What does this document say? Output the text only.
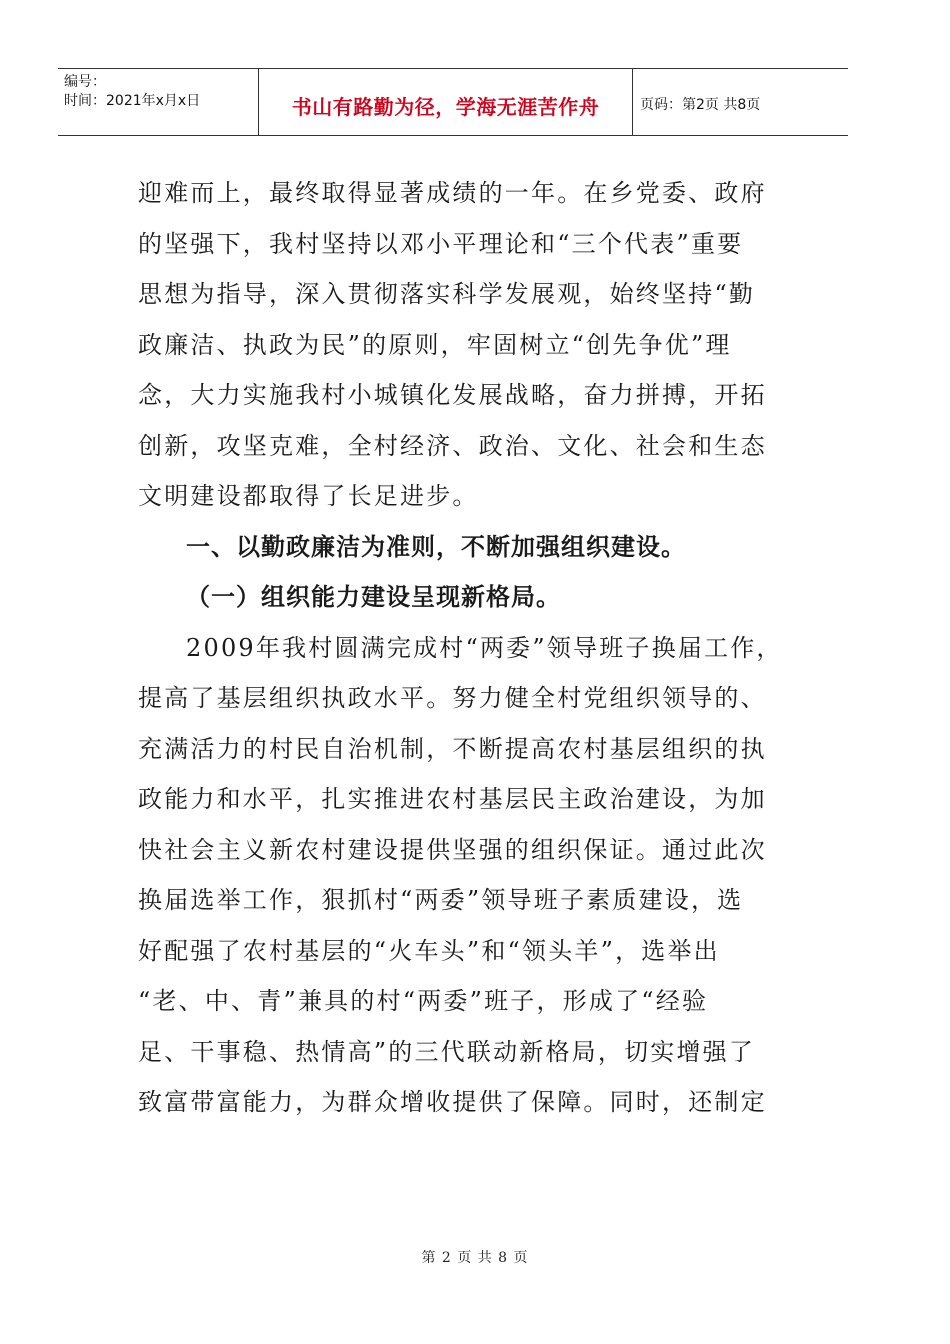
编号：
时间：2021年x月x日	书山有路勤为径，学海无涯苦作舟	页码：第2页 共8页
迎难而上，最终取得显著成绩的一年。在乡党委、政府
的坚强下，我村坚持以邓小平理论和“三个代表”重要
思想为指导，深入贯彻落实科学发展观，始终坚持“勤
政廉洁、执政为民”的原则，牢固树立“创先争优”理
念，大力实施我村小城镇化发展战略，奋力拼搏，开拓
创新，攻坚克难，全村经济、政治、文化、社会和生态
文明建设都取得了长足进步。
一、以勤政廉洁为准则，不断加强组织建设。
（一）组织能力建设呈现新格局。
2009年我村圆满完成村“两委”领导班子换届工作，
提高了基层组织执政水平。努力健全村党组织领导的、
充满活力的村民自治机制，不断提高农村基层组织的执
政能力和水平，扎实推进农村基层民主政治建设，为加
快社会主义新农村建设提供坚强的组织保证。通过此次
换届选举工作，狠抓村“两委”领导班子素质建设，选
好配强了农村基层的“火车头”和“领头羊”，选举出
“老、中、青”兼具的村“两委”班子，形成了“经验
足、干事稳、热情高”的三代联动新格局，切实增强了
致富带富能力，为群众增收提供了保障。同时，还制定
第 2 页 共 8 页
